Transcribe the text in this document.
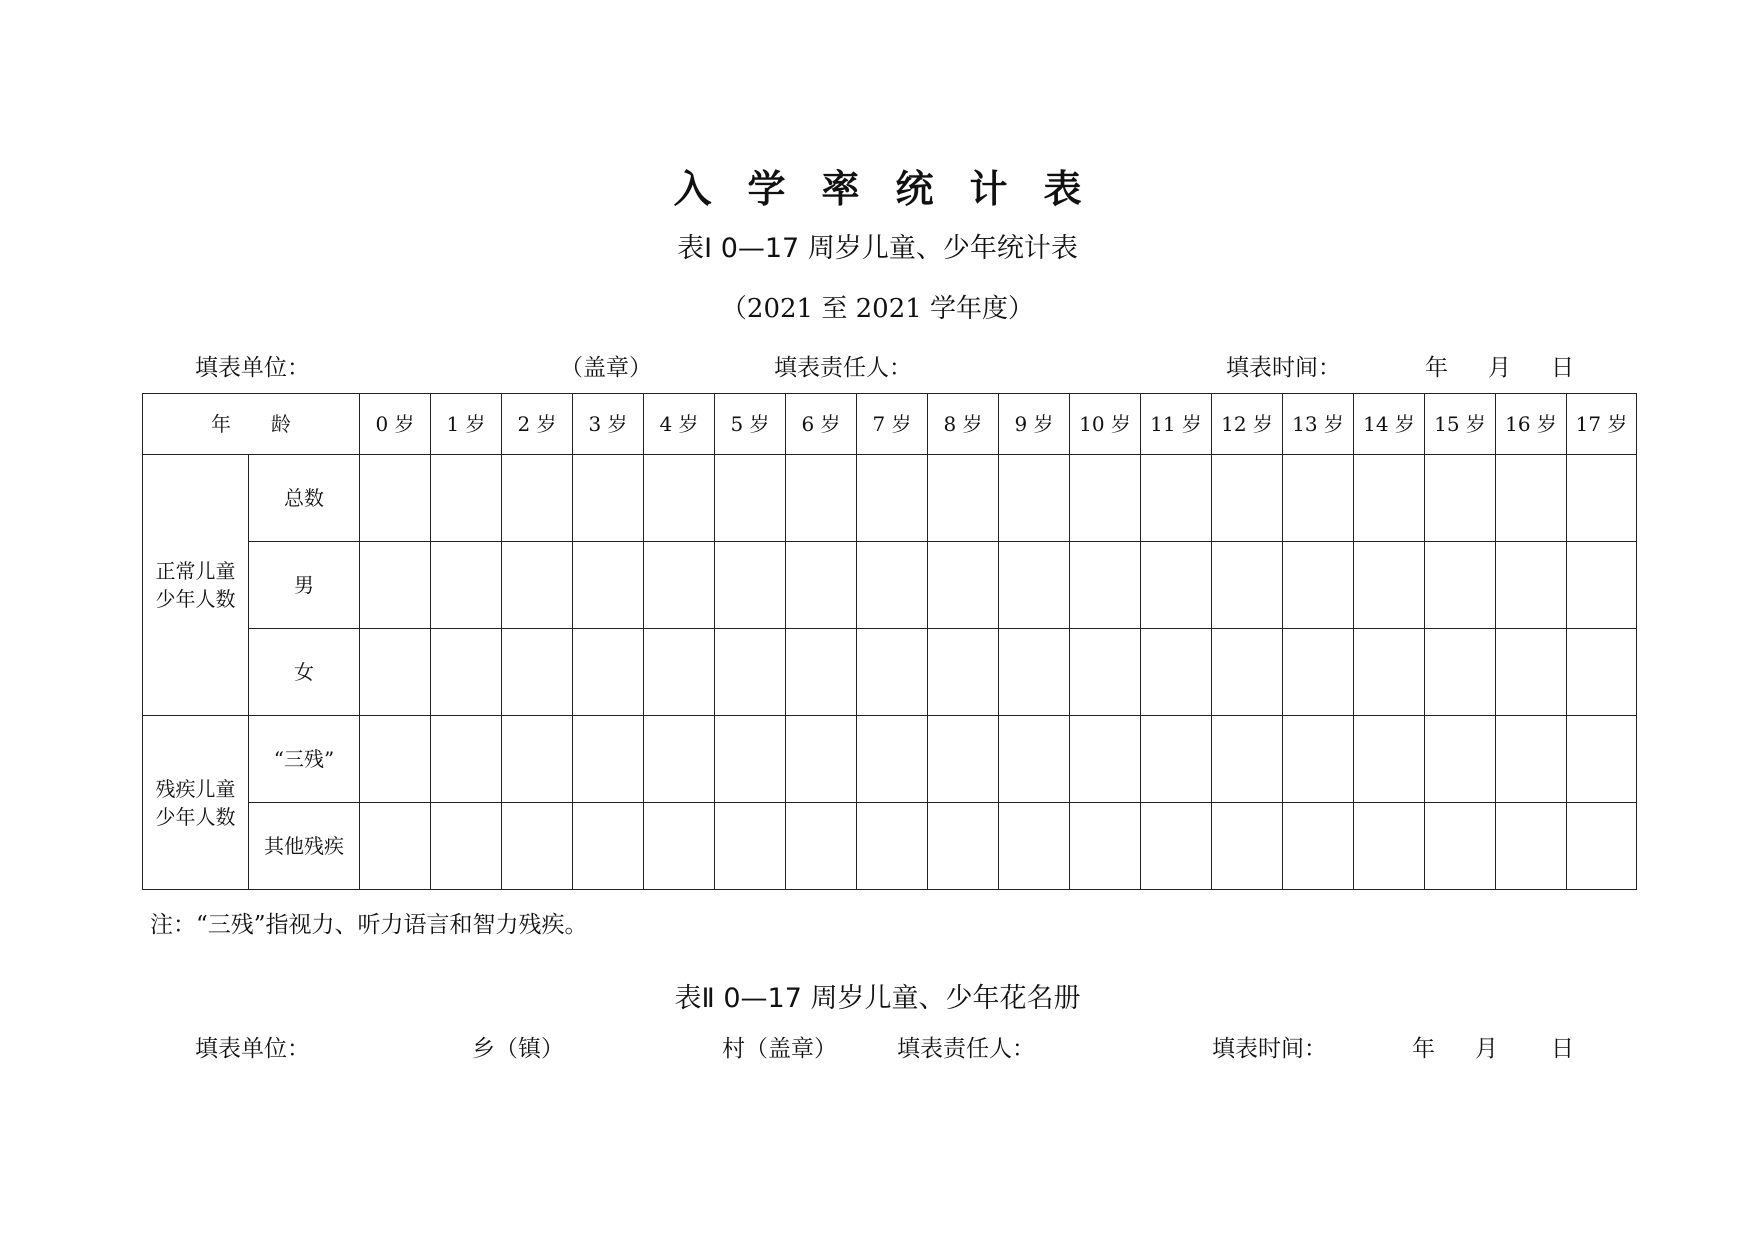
入学率统计表
表Ⅰ 0—17 周岁儿童、少年统计表
（2021 至 2021 学年度）
填表单位：	（盖章）	填表责任人：	填表时间：	年 月 日
年　　龄		0 岁	1 岁	2 岁	3 岁	4 岁	5 岁	6 岁	7 岁	8 岁	9 岁	10 岁	11 岁	12 岁	13 岁	14 岁	15 岁	16 岁	17 岁
正常儿童少年人数	总数																		
	男																		
	女																		
残疾儿童少年人数	“三残”																		
	其他残疾																		
注：“三残”指视力、听力语言和智力残疾。
表Ⅱ 0—17 周岁儿童、少年花名册
填表单位：	乡（镇）	村（盖章）	填表责任人：	填表时间：	年 月 日
